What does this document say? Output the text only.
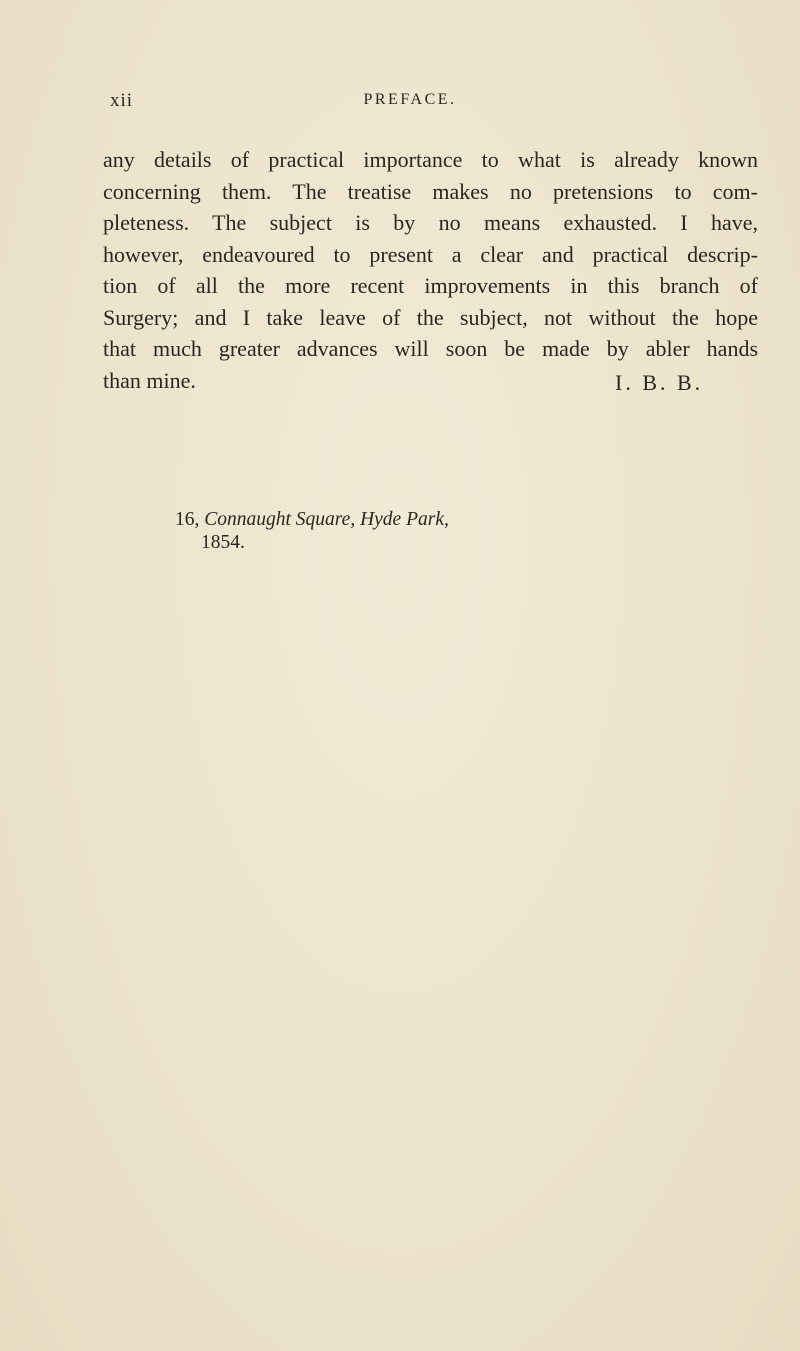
xii	PREFACE.
any details of practical importance to what is already known
concerning them. The treatise makes no pretensions to com-
pleteness. The subject is by no means exhausted. I have,
however, endeavoured to present a clear and practical descrip-
tion of all the more recent improvements in this branch of
Surgery; and I take leave of the subject, not without the hope
that much greater advances will soon be made by abler hands
than mine.	I. B. B.
16, Connaught Square, Hyde Park,
1854.
